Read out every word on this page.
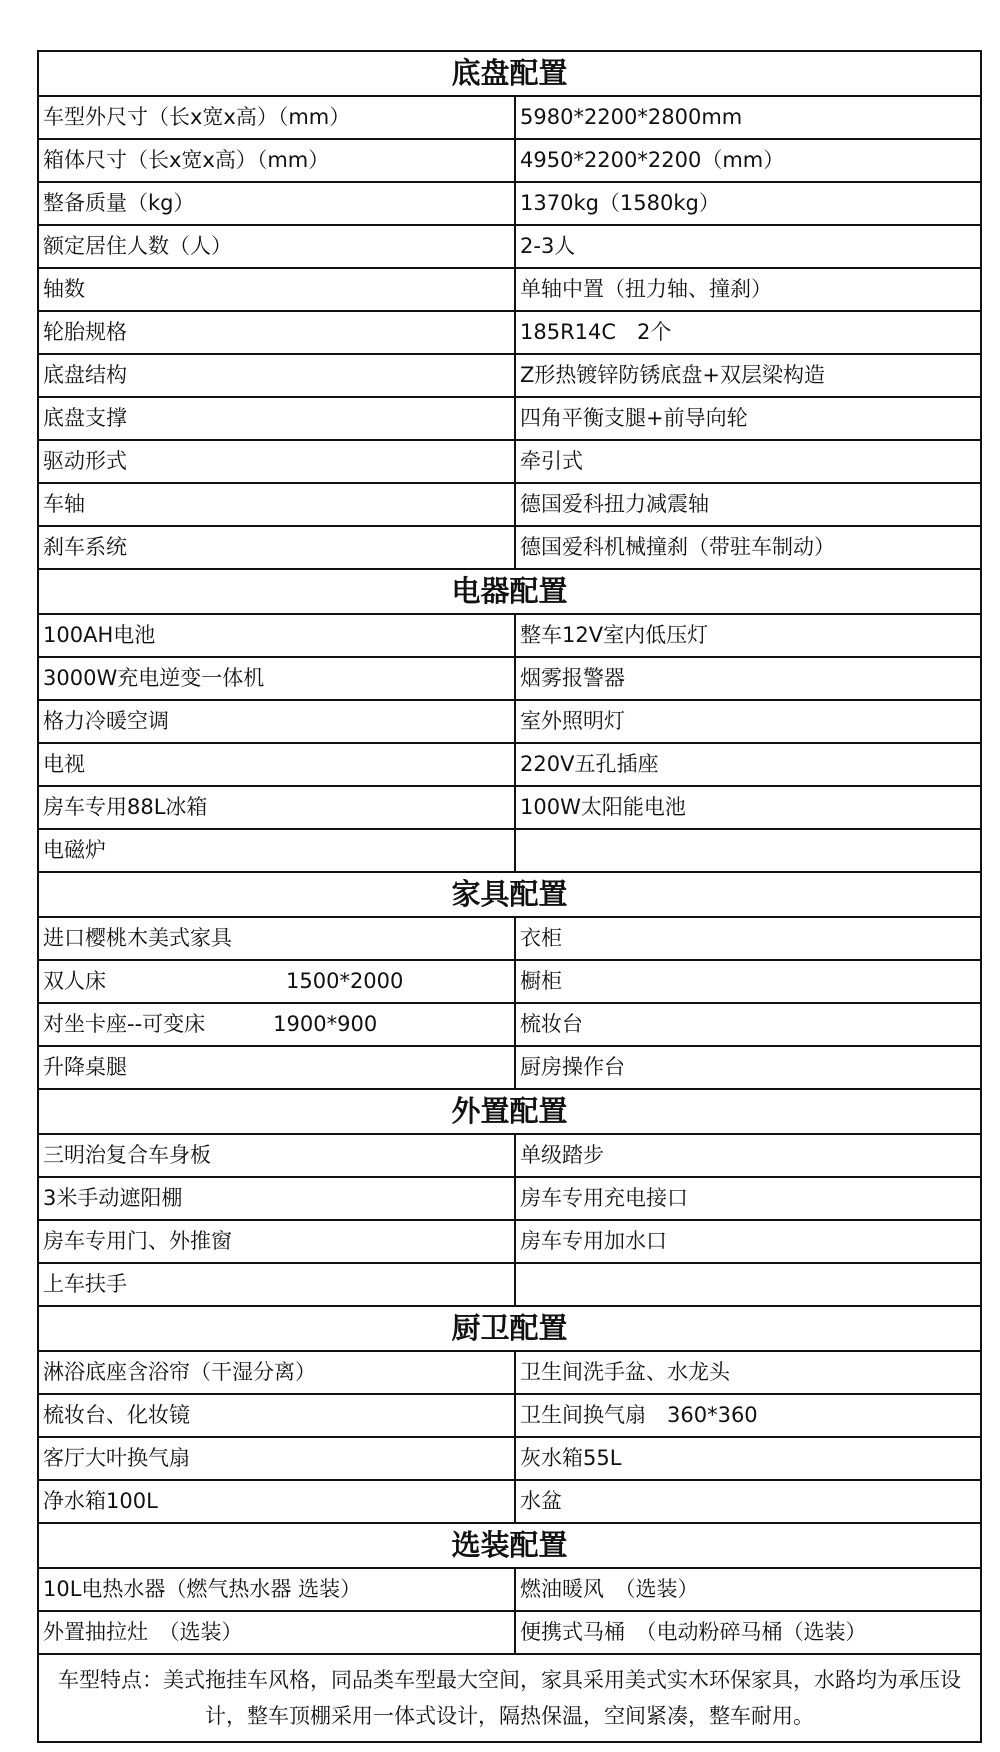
底盘配置	
车型外尺寸（长x宽x高）（mm）	5980*2200*2800mm
箱体尺寸（长x宽x高）（mm）	4950*2200*2200（mm）
整备质量（kg）	1370kg（1580kg）
额定居住人数（人）	2-3人
轴数	单轴中置（扭力轴、撞刹）
轮胎规格	185R14C　2个
底盘结构	Z形热镀锌防锈底盘+双层梁构造
底盘支撑	四角平衡支腿+前导向轮
驱动形式	牵引式
车轴	德国爱科扭力减震轴
刹车系统	德国爱科机械撞刹（带驻车制动）
电器配置	
100AH电池	整车12V室内低压灯
3000W充电逆变一体机	烟雾报警器
格力冷暖空调	室外照明灯
电视	220V五孔插座
房车专用88L冰箱	100W太阳能电池
电磁炉	
家具配置	
进口樱桃木美式家具	衣柜
双人床 1500*2000	橱柜
对坐卡座--可变床 1900*900	梳妆台
升降桌腿	厨房操作台
外置配置	
三明治复合车身板	单级踏步
3米手动遮阳棚	房车专用充电接口
房车专用门、外推窗	房车专用加水口
上车扶手	
厨卫配置	
淋浴底座含浴帘（干湿分离）	卫生间洗手盆、水龙头
梳妆台、化妆镜	卫生间换气扇　360*360
客厅大叶换气扇	灰水箱55L
净水箱100L	水盆
选装配置	
10L电热水器（燃气热水器 选装）	燃油暖风　（选装）
外置抽拉灶　（选装）	便携式马桶　（电动粉碎马桶（选装）
车型特点：美式拖挂车风格，同品类车型最大空间，家具采用美式实木环保家具，水路均为承压设计，整车顶棚采用一体式设计，隔热保温，空间紧凑，整车耐用。	
